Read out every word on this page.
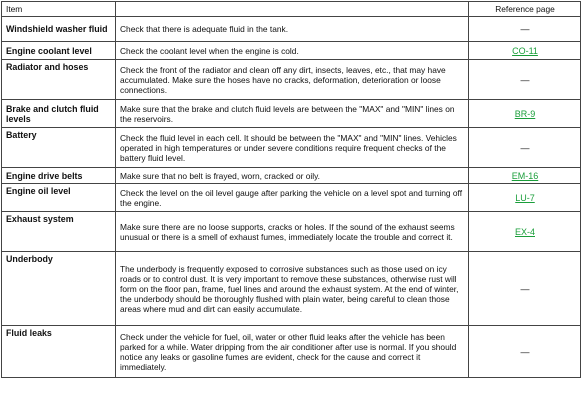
Item		Reference page
Windshield washer fluid	Check that there is adequate fluid in the tank.	—
Engine coolant level	Check the coolant level when the engine is cold.	CO-11
Radiator and hoses	Check the front of the radiator and clean off any dirt, insects, leaves, etc., that may have accumulated. Make sure the hoses have no cracks, deformation, deterioration or loose connections.	—
Brake and clutch fluid levels	Make sure that the brake and clutch fluid levels are between the "MAX" and "MIN" lines on the reservoirs.	BR-9
Battery	Check the fluid level in each cell. It should be between the "MAX" and "MIN" lines. Vehicles operated in high temperatures or under severe conditions require frequent checks of the battery fluid level.	—
Engine drive belts	Make sure that no belt is frayed, worn, cracked or oily.	EM-16
Engine oil level	Check the level on the oil level gauge after parking the vehicle on a level spot and turning off the engine.	LU-7
Exhaust system	Make sure there are no loose supports, cracks or holes. If the sound of the exhaust seems unusual or there is a smell of exhaust fumes, immediately locate the trouble and correct it.	EX-4
Underbody	The underbody is frequently exposed to corrosive substances such as those used on icy roads or to control dust. It is very important to remove these substances, otherwise rust will form on the floor pan, frame, fuel lines and around the exhaust system. At the end of winter, the underbody should be thoroughly flushed with plain water, being careful to clean those areas where mud and dirt can easily accumulate.	—
Fluid leaks	Check under the vehicle for fuel, oil, water or other fluid leaks after the vehicle has been parked for a while. Water dripping from the air conditioner after use is normal. If you should notice any leaks or gasoline fumes are evident, check for the cause and correct it immediately.	—
